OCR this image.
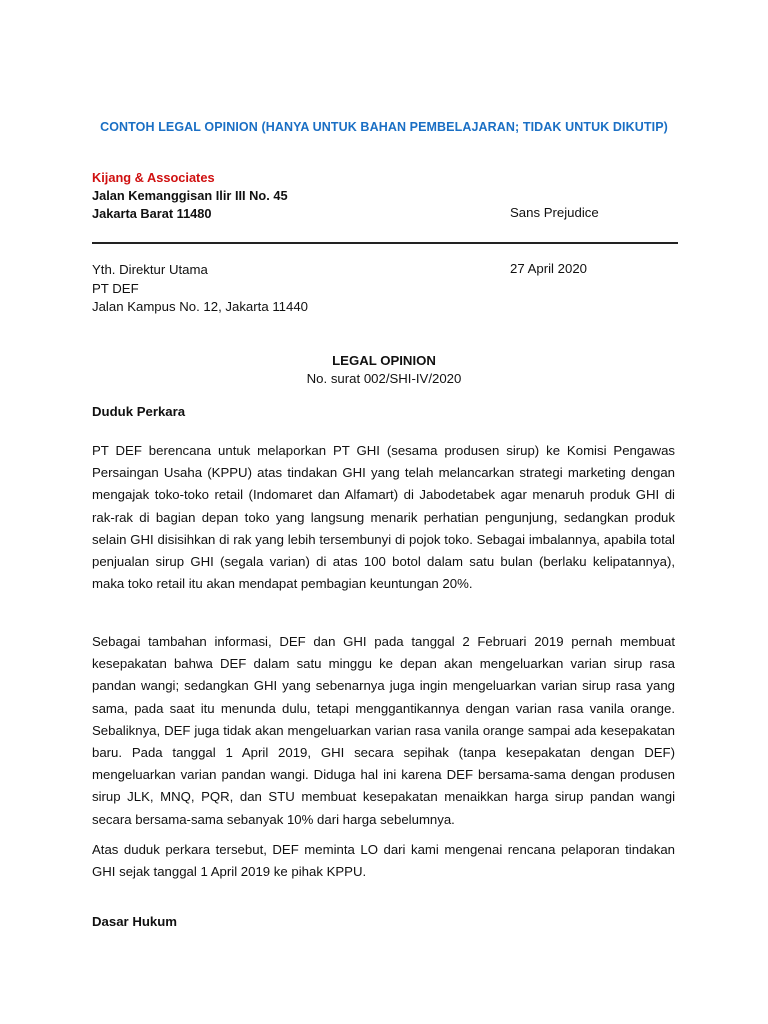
CONTOH LEGAL OPINION (HANYA UNTUK BAHAN PEMBELAJARAN; TIDAK UNTUK DIKUTIP)
Kijang & Associates
Jalan Kemanggisan Ilir III No. 45
Jakarta Barat 11480	Sans Prejudice
Yth. Direktur Utama
PT DEF
Jalan Kampus No. 12, Jakarta 11440
27 April 2020
LEGAL OPINION
No. surat 002/SHI-IV/2020
Duduk Perkara

PT DEF berencana untuk melaporkan PT GHI (sesama produsen sirup) ke Komisi Pengawas Persaingan Usaha (KPPU) atas tindakan GHI yang telah melancarkan strategi marketing dengan mengajak toko-toko retail (Indomaret dan Alfamart) di Jabodetabek agar menaruh produk GHI di rak-rak di bagian depan toko yang langsung menarik perhatian pengunjung, sedangkan produk selain GHI disisihkan di rak yang lebih tersembunyi di pojok toko. Sebagai imbalannya, apabila total penjualan sirup GHI (segala varian) di atas 100 botol dalam satu bulan (berlaku kelipatannya), maka toko retail itu akan mendapat pembagian keuntungan 20%.

Sebagai tambahan informasi, DEF dan GHI pada tanggal 2 Februari 2019 pernah membuat kesepakatan bahwa DEF dalam satu minggu ke depan akan mengeluarkan varian sirup rasa pandan wangi; sedangkan GHI yang sebenarnya juga ingin mengeluarkan varian sirup rasa yang sama, pada saat itu menunda dulu, tetapi menggantikannya dengan varian rasa vanila orange. Sebaliknya, DEF juga tidak akan mengeluarkan varian rasa vanila orange sampai ada kesepakatan baru. Pada tanggal 1 April 2019, GHI secara sepihak (tanpa kesepakatan dengan DEF) mengeluarkan varian pandan wangi. Diduga hal ini karena DEF bersama-sama dengan produsen sirup JLK, MNQ, PQR, dan STU membuat kesepakatan menaikkan harga sirup pandan wangi secara bersama-sama sebanyak 10% dari harga sebelumnya.

Atas duduk perkara tersebut, DEF meminta LO dari kami mengenai rencana pelaporan tindakan GHI sejak tanggal 1 April 2019 ke pihak KPPU.

Dasar Hukum
